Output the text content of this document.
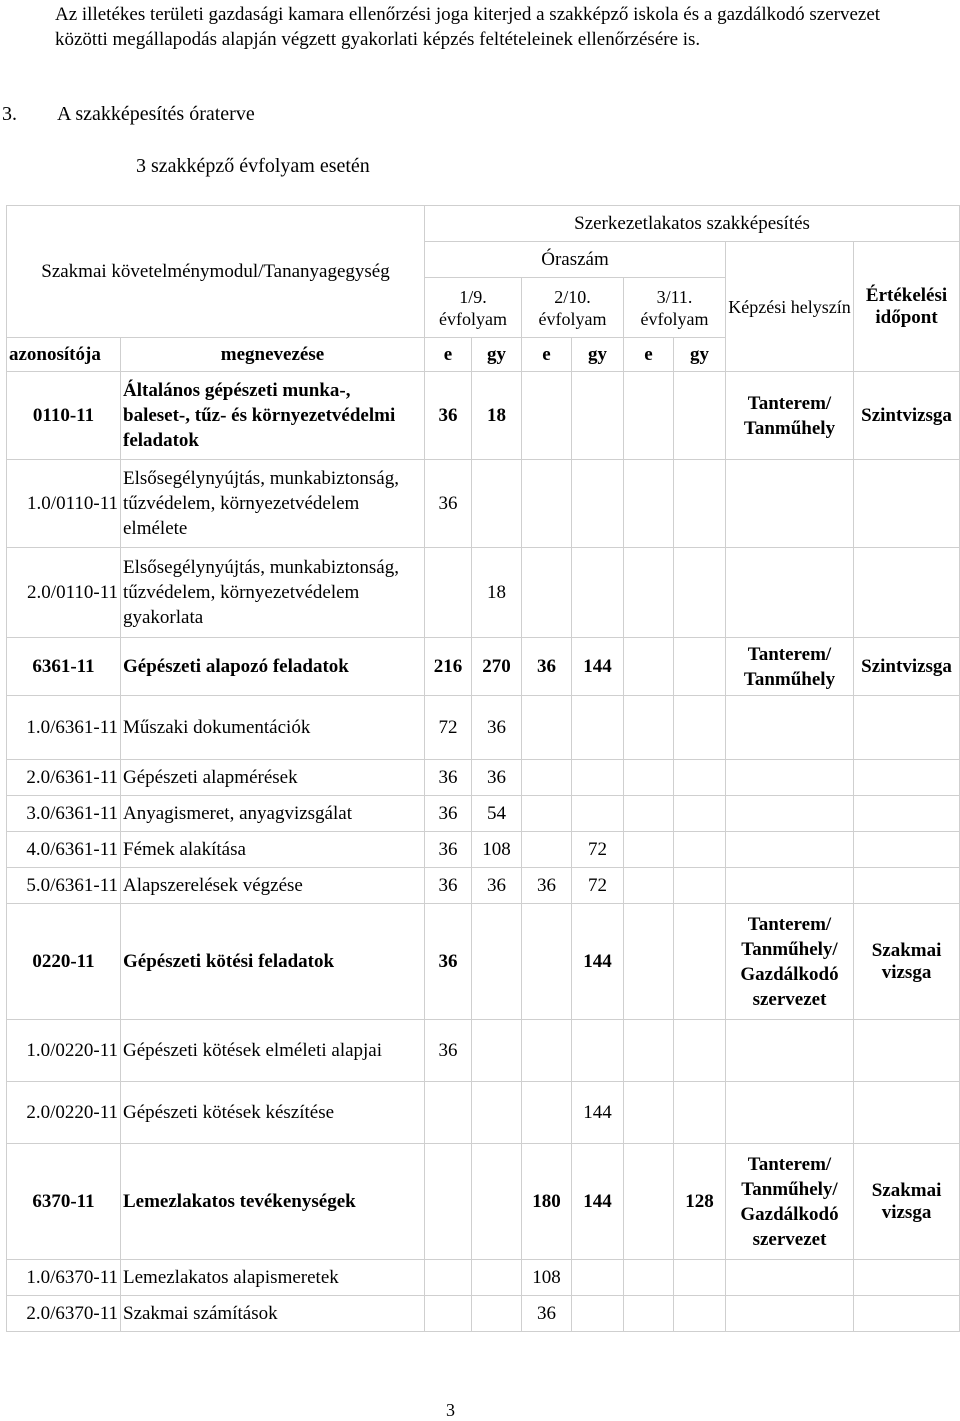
Az illetékes területi gazdasági kamara ellenőrzési joga kiterjed a szakképző iskola és a gazdálkodó szervezet közötti megállapodás alapján végzett gyakorlati képzés feltételeinek ellenőrzésére is.
3. A szakképesítés óraterve
3 szakképző évfolyam esetén
Szakmai követelménymodul/Tananyagegység		Szerkezetlakatos szakképesítés							
		Óraszám						Képzési helyszín	Értékelési időpont
		1/9. évfolyam		2/10. évfolyam		3/11. évfolyam			
azonosítója	megnevezése	e	gy	e	gy	e	gy		
0110-11	Általános gépészeti munka-, baleset-, tűz- és környezetvédelmi feladatok	36	18					Tanterem/ Tanműhely	Szintvizsga
1.0/0110-11	Elsősegélynyújtás, munkabiztonság, tűzvédelem, környezetvédelem elmélete	36							
2.0/0110-11	Elsősegélynyújtás, munkabiztonság, tűzvédelem, környezetvédelem gyakorlata		18						
6361-11	Gépészeti alapozó feladatok	216	270	36	144			Tanterem/ Tanműhely	Szintvizsga
1.0/6361-11	Műszaki dokumentációk	72	36						
2.0/6361-11	Gépészeti alapmérések	36	36						
3.0/6361-11	Anyagismeret, anyagvizsgálat	36	54						
4.0/6361-11	Fémek alakítása	36	108		72				
5.0/6361-11	Alapszerelések végzése	36	36	36	72				
0220-11	Gépészeti kötési feladatok	36			144			Tanterem/ Tanműhely/ Gazdálkodó szervezet	Szakmai vizsga
1.0/0220-11	Gépészeti kötések elméleti alapjai	36							
2.0/0220-11	Gépészeti kötések készítése				144				
6370-11	Lemezlakatos tevékenységek			180	144		128	Tanterem/ Tanműhely/ Gazdálkodó szervezet	Szakmai vizsga
1.0/6370-11	Lemezlakatos alapismeretek			108					
2.0/6370-11	Szakmai számítások			36					
3
